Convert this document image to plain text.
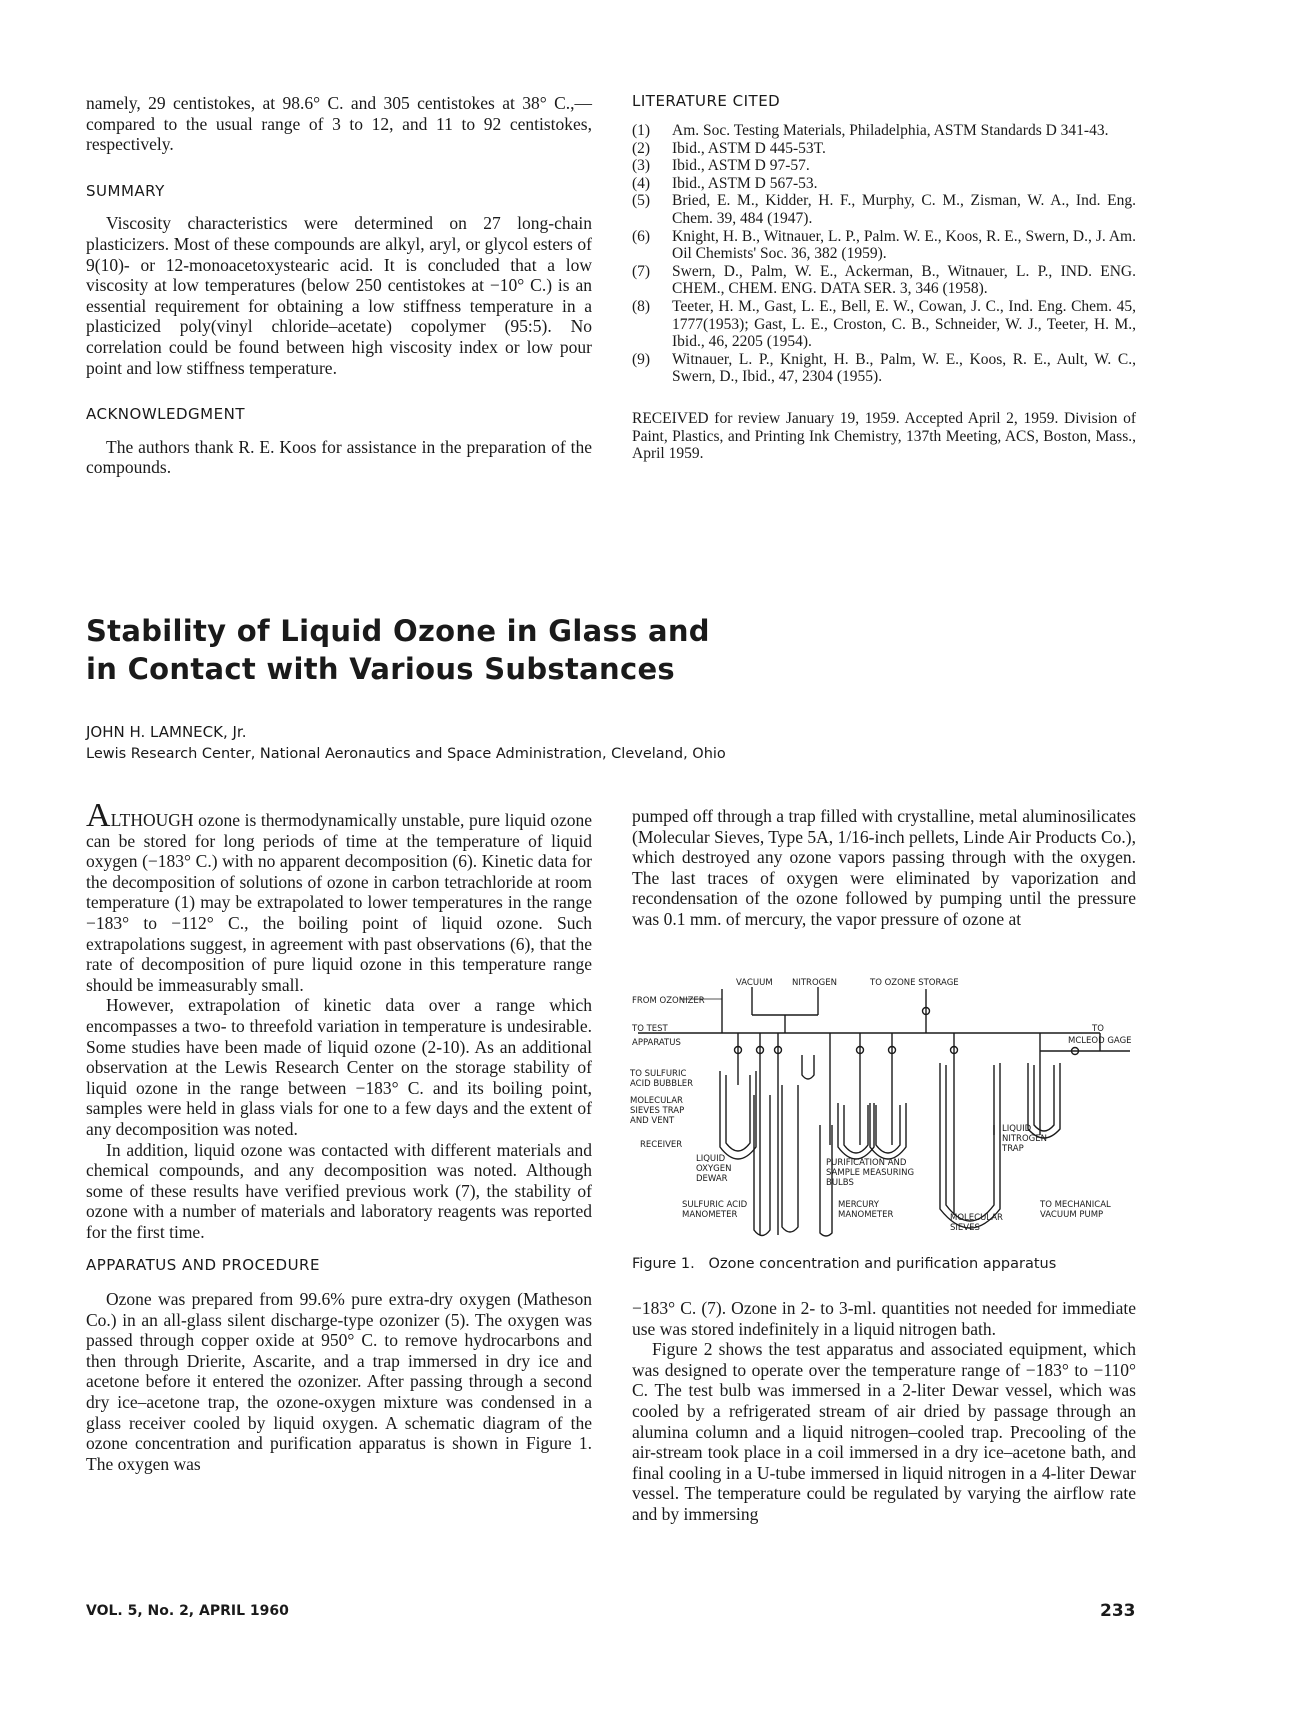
namely, 29 centistokes, at 98.6° C. and 305 centistokes at 38° C.,—compared to the usual range of 3 to 12, and 11 to 92 centistokes, respectively.

SUMMARY

Viscosity characteristics were determined on 27 long-chain plasticizers. Most of these compounds are alkyl, aryl, or glycol esters of 9(10)- or 12-monoacetoxystearic acid. It is concluded that a low viscosity at low temperatures (below 250 centistokes at −10° C.) is an essential requirement for obtaining a low stiffness temperature in a plasticized poly(vinyl chloride–acetate) copolymer (95:5). No correlation could be found between high viscosity index or low pour point and low stiffness temperature.

ACKNOWLEDGMENT

The authors thank R. E. Koos for assistance in the preparation of the compounds.

LITERATURE CITED
(1)	Am. Soc. Testing Materials, Philadelphia, ASTM Standards D 341-43.
(2)	Ibid., ASTM D 445-53T.
(3)	Ibid., ASTM D 97-57.
(4)	Ibid., ASTM D 567-53.
(5)	Bried, E. M., Kidder, H. F., Murphy, C. M., Zisman, W. A., Ind. Eng. Chem. 39, 484 (1947).
(6)	Knight, H. B., Witnauer, L. P., Palm. W. E., Koos, R. E., Swern, D., J. Am. Oil Chemists' Soc. 36, 382 (1959).
(7)	Swern, D., Palm, W. E., Ackerman, B., Witnauer, L. P., IND. ENG. CHEM., CHEM. ENG. DATA SER. 3, 346 (1958).
(8)	Teeter, H. M., Gast, L. E., Bell, E. W., Cowan, J. C., Ind. Eng. Chem. 45, 1777(1953); Gast, L. E., Croston, C. B., Schneider, W. J., Teeter, H. M., Ibid., 46, 2205 (1954).
(9)	Witnauer, L. P., Knight, H. B., Palm, W. E., Koos, R. E., Ault, W. C., Swern, D., Ibid., 47, 2304 (1955).
RECEIVED for review January 19, 1959. Accepted April 2, 1959. Division of Paint, Plastics, and Printing Ink Chemistry, 137th Meeting, ACS, Boston, Mass., April 1959.
Stability of Liquid Ozone in Glass and
in Contact with Various Substances
JOHN H. LAMNECK, Jr.
Lewis Research Center, National Aeronautics and Space Administration, Cleveland, Ohio

ALTHOUGH ozone is thermodynamically unstable, pure liquid ozone can be stored for long periods of time at the temperature of liquid oxygen (−183° C.) with no apparent decomposition (6). Kinetic data for the decomposition of solutions of ozone in carbon tetrachloride at room temperature (1) may be extrapolated to lower temperatures in the range −183° to −112° C., the boiling point of liquid ozone. Such extrapolations suggest, in agreement with past observations (6), that the rate of decomposition of pure liquid ozone in this temperature range should be immeasurably small.

However, extrapolation of kinetic data over a range which encompasses a two- to threefold variation in temperature is undesirable. Some studies have been made of liquid ozone (2-10). As an additional observation at the Lewis Research Center on the storage stability of liquid ozone in the range between −183° C. and its boiling point, samples were held in glass vials for one to a few days and the extent of any decomposition was noted.

In addition, liquid ozone was contacted with different materials and chemical compounds, and any decomposition was noted. Although some of these results have verified previous work (7), the stability of ozone with a number of materials and laboratory reagents was reported for the first time.

APPARATUS AND PROCEDURE

Ozone was prepared from 99.6% pure extra-dry oxygen (Matheson Co.) in an all-glass silent discharge-type ozonizer (5). The oxygen was passed through copper oxide at 950° C. to remove hydrocarbons and then through Drierite, Ascarite, and a trap immersed in dry ice and acetone before it entered the ozonizer. After passing through a second dry ice–acetone trap, the ozone-oxygen mixture was condensed in a glass receiver cooled by liquid oxygen. A schematic diagram of the ozone concentration and purification apparatus is shown in Figure 1. The oxygen was

pumped off through a trap filled with crystalline, metal aluminosilicates (Molecular Sieves, Type 5A, 1/16-inch pellets, Linde Air Products Co.), which destroyed any ozone vapors passing through with the oxygen. The last traces of oxygen were eliminated by vaporization and recondensation of the ozone followed by pumping until the pressure was 0.1 mm. of mercury, the vapor pressure of ozone at

FROM OZONIZER
VACUUM NITROGEN	TO OZONE STORAGE
TO TEST
APPARATUS
TO
MCLEOD GAGE
TO SULFURIC
ACID BUBBLER
MOLECULAR
SIEVES TRAP
AND VENT
RECEIVER
LIQUID
OXYGEN
DEWAR
PURIFICATION AND
SAMPLE MEASURING
BULBS
LIQUID
NITROGEN
TRAP
SULFURIC ACID
MANOMETER
MERCURY
MANOMETER	MOLECULAR
SIEVES
TO MECHANICAL
VACUUM PUMP
Figure 1.   Ozone concentration and purification apparatus

−183° C. (7). Ozone in 2- to 3-ml. quantities not needed for immediate use was stored indefinitely in a liquid nitrogen bath.

Figure 2 shows the test apparatus and associated equipment, which was designed to operate over the temperature range of −183° to −110° C. The test bulb was immersed in a 2-liter Dewar vessel, which was cooled by a refrigerated stream of air dried by passage through an alumina column and a liquid nitrogen–cooled trap. Precooling of the air-stream took place in a coil immersed in a dry ice–acetone bath, and final cooling in a U-tube immersed in liquid nitrogen in a 4-liter Dewar vessel. The temperature could be regulated by varying the airflow rate and by immersing

VOL. 5, No. 2, APRIL 1960	233
